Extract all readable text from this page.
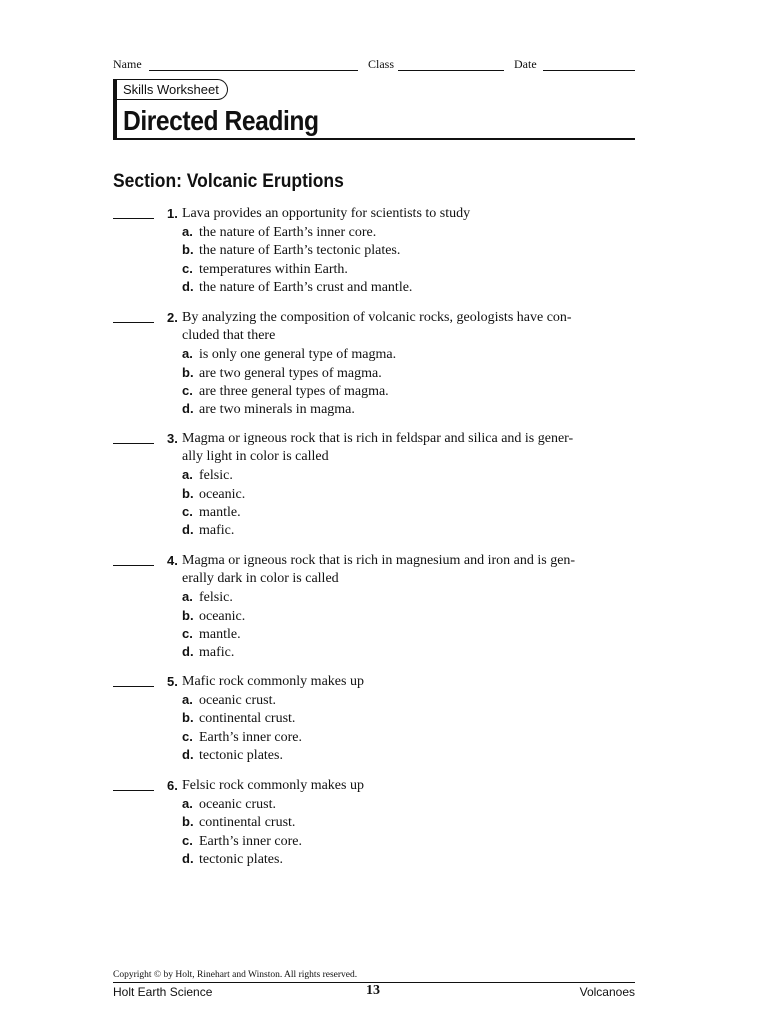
Name	Class	Date
Skills Worksheet
Directed Reading
Section: Volcanic Eruptions
1. Lava provides an opportunity for scientists to study
a. the nature of Earth’s inner core.
b. the nature of Earth’s tectonic plates.
c. temperatures within Earth.
d. the nature of Earth’s crust and mantle.
2. By analyzing the composition of volcanic rocks, geologists have con-
cluded that there
a. is only one general type of magma.
b. are two general types of magma.
c. are three general types of magma.
d. are two minerals in magma.
3. Magma or igneous rock that is rich in feldspar and silica and is gener-
ally light in color is called
a. felsic.
b. oceanic.
c. mantle.
d. mafic.
4. Magma or igneous rock that is rich in magnesium and iron and is gen-
erally dark in color is called
a. felsic.
b. oceanic.
c. mantle.
d. mafic.
5. Mafic rock commonly makes up
a. oceanic crust.
b. continental crust.
c. Earth’s inner core.
d. tectonic plates.
6. Felsic rock commonly makes up
a. oceanic crust.
b. continental crust.
c. Earth’s inner core.
d. tectonic plates.
Copyright © by Holt, Rinehart and Winston. All rights reserved.
Holt Earth Science	13	Volcanoes
